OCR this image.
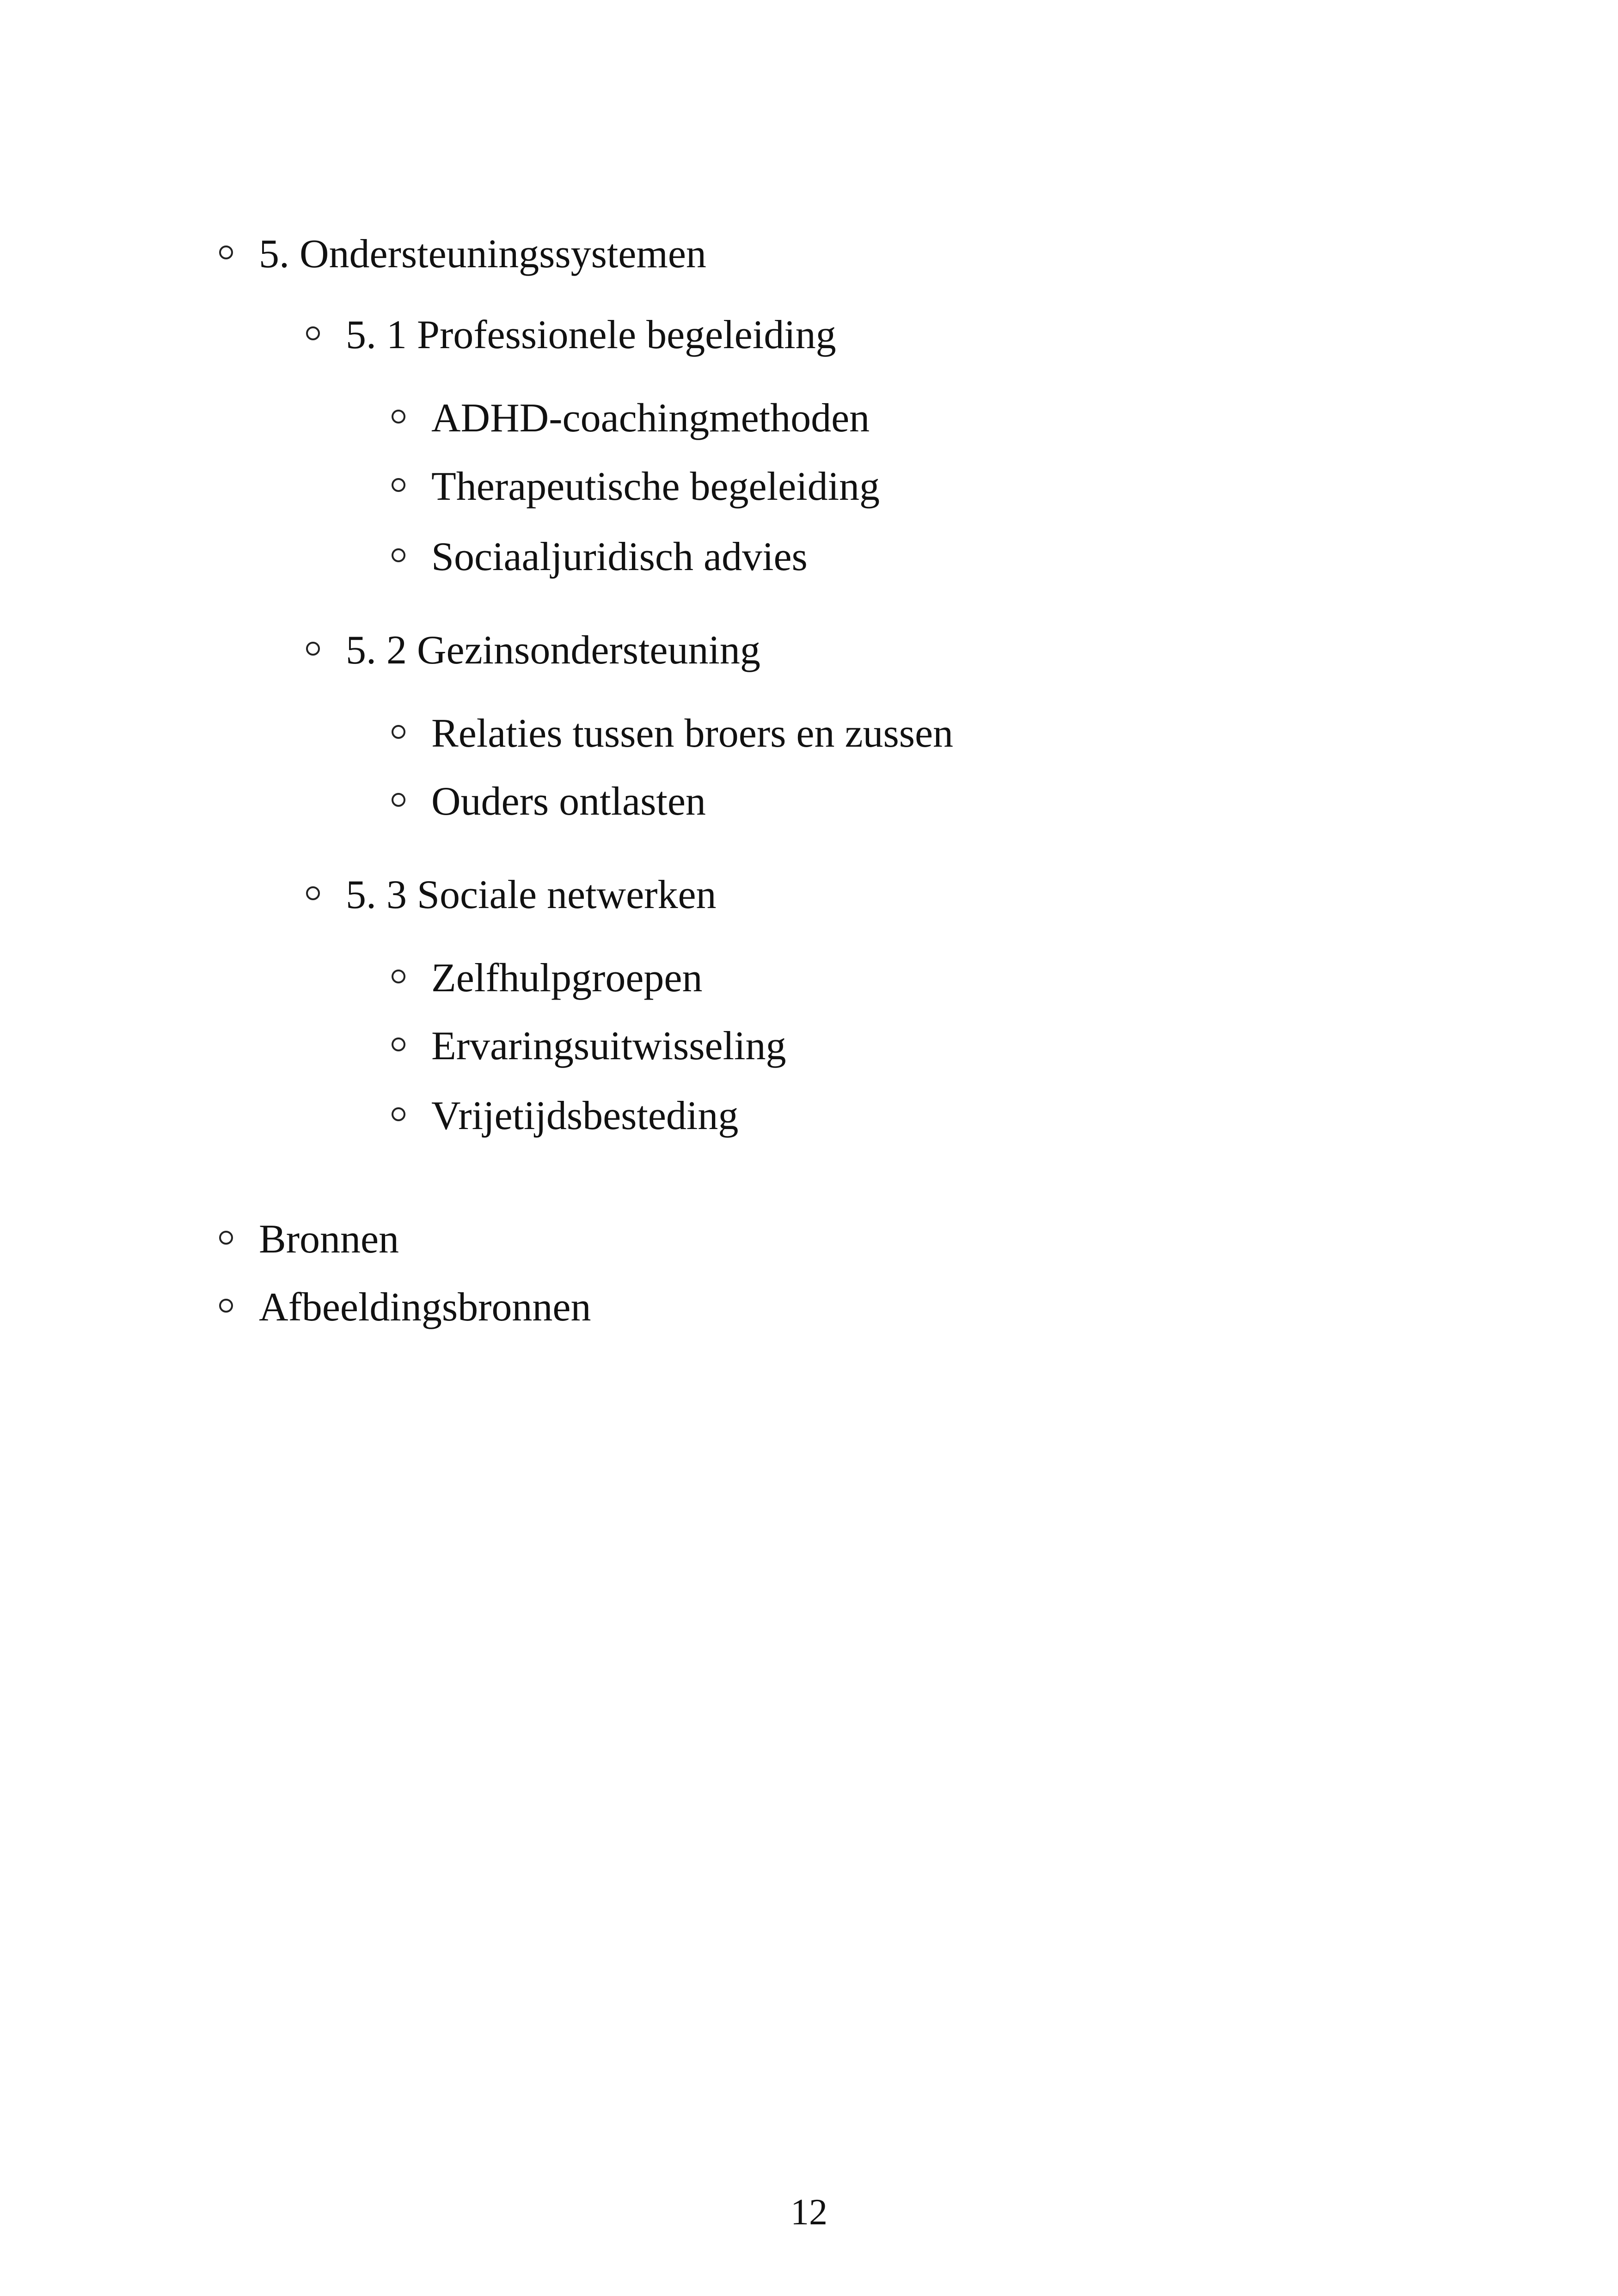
5. Ondersteuningssystemen
5. 1 Professionele begeleiding
ADHD-coachingmethoden
Therapeutische begeleiding
Sociaaljuridisch advies
5. 2 Gezinsondersteuning
Relaties tussen broers en zussen
Ouders ontlasten
5. 3 Sociale netwerken
Zelfhulpgroepen
Ervaringsuitwisseling
Vrijetijdsbesteding
Bronnen
Afbeeldingsbronnen
12
